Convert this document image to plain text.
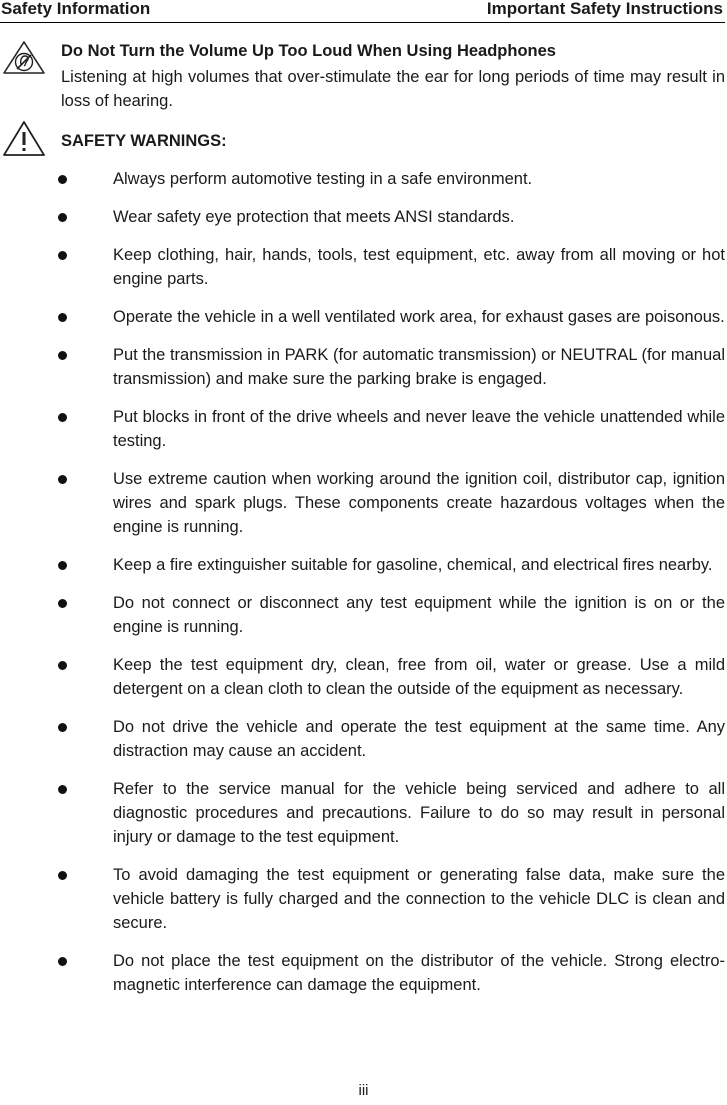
Safety Information	Important Safety Instructions
Do Not Turn the Volume Up Too Loud When Using Headphones
Listening at high volumes that over-stimulate the ear for long periods of time may result in loss of hearing.
SAFETY WARNINGS:
Always perform automotive testing in a safe environment.
Wear safety eye protection that meets ANSI standards.
Keep clothing, hair, hands, tools, test equipment, etc. away from all moving or hot engine parts.
Operate the vehicle in a well ventilated work area, for exhaust gases are poisonous.
Put the transmission in PARK (for automatic transmission) or NEUTRAL (for manual transmission) and make sure the parking brake is engaged.
Put blocks in front of the drive wheels and never leave the vehicle unattended while testing.
Use extreme caution when working around the ignition coil, distributor cap, ignition wires and spark plugs. These components create hazardous voltages when the engine is running.
Keep a fire extinguisher suitable for gasoline, chemical, and electrical fires nearby.
Do not connect or disconnect any test equipment while the ignition is on or the engine is running.
Keep the test equipment dry, clean, free from oil, water or grease. Use a mild detergent on a clean cloth to clean the outside of the equipment as necessary.
Do not drive the vehicle and operate the test equipment at the same time. Any distraction may cause an accident.
Refer to the service manual for the vehicle being serviced and adhere to all diagnostic procedures and precautions. Failure to do so may result in personal injury or damage to the test equipment.
To avoid damaging the test equipment or generating false data, make sure the vehicle battery is fully charged and the connection to the vehicle DLC is clean and secure.
Do not place the test equipment on the distributor of the vehicle. Strong electro-magnetic interference can damage the equipment.
iii
